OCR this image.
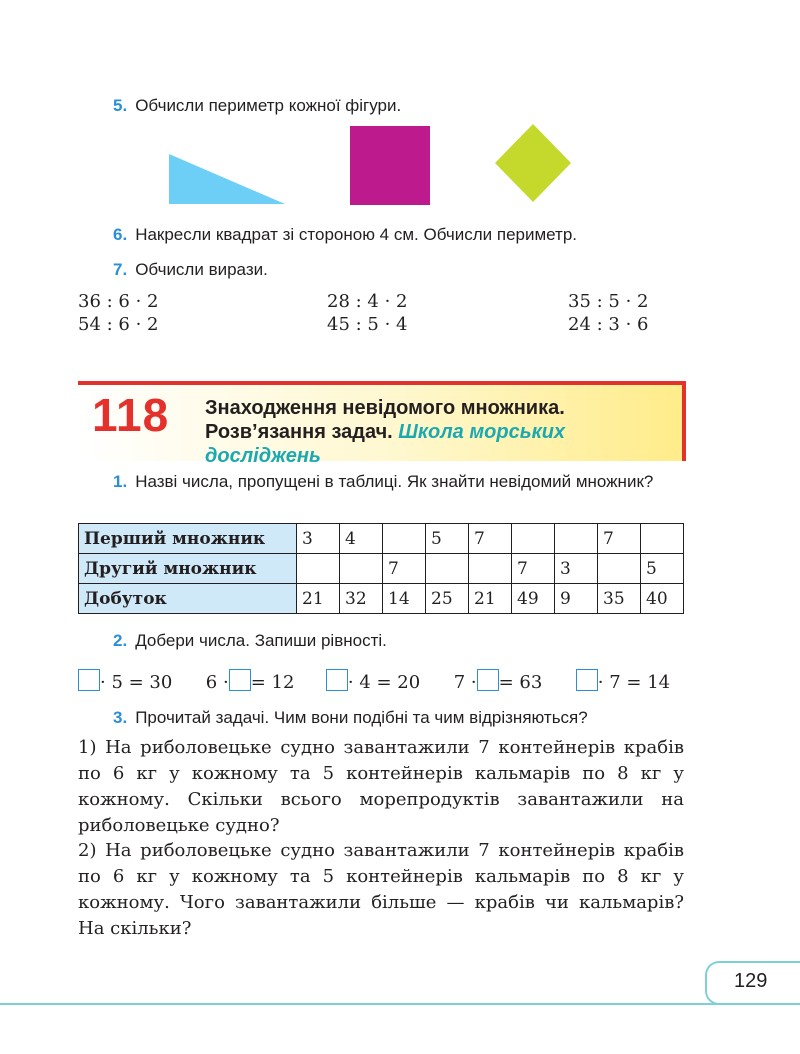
5. Обчисли периметр кожної фігури.
6. Накресли квадрат зі стороною 4 см. Обчисли периметр.
7. Обчисли вирази.
36 : 6 · 2
54 : 6 · 2
28 : 4 · 2
45 : 5 · 4
35 : 5 · 2
24 : 3 · 6
118 Знаходження невідомого множника.
Розв’язання задач. Школа морських
досліджень
1. Назві числа, пропущені в таблиці. Як знайти невідомий множник?
Перший множник	3	4		5	7			7	
Другий множник			7			7	3		5
Добуток	21	32	14	25	21	49	9	35	40
2. Добери числа. Запиши рівності.
· 5 = 30 6 · = 12	· 4 = 20 7 · = 63	· 7 = 14
3. Прочитай задачі. Чим вони подібні та чим відрізняються?
1) На риболовецьке судно завантажили 7 контейнерів крабів по 6 кг у кожному та 5 контейнерів кальмарів по 8 кг у кожному. Скільки всього морепродуктів завантажили на риболовецьке судно?
2) На риболовецьке судно завантажили 7 контейнерів крабів по 6 кг у кожному та 5 контейнерів кальмарів по 8 кг у кожному. Чого завантажили більше — крабів чи кальмарів? На скільки?
129
